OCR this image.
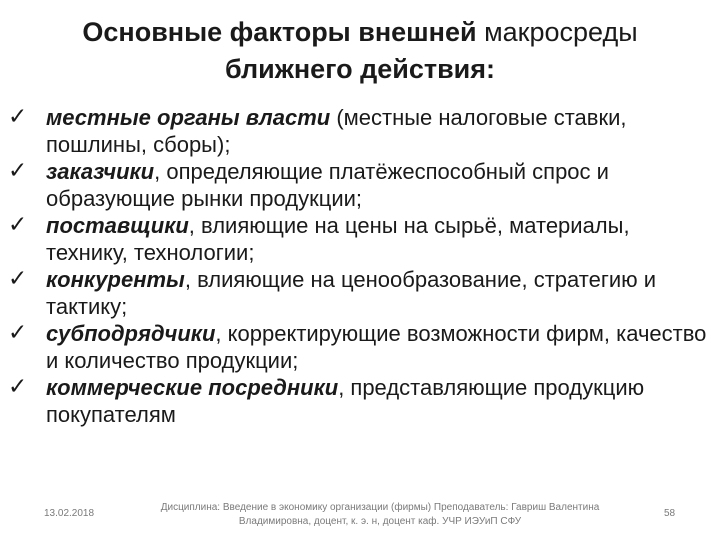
Основные факторы внешней макросреды
ближнего действия:
✓ местные органы власти (местные налоговые ставки, пошлины, сборы);
✓ заказчики, определяющие платёжеспособный спрос и образующие рынки продукции;
✓ поставщики, влияющие на цены на сырьё, материалы, технику, технологии;
✓ конкуренты, влияющие на ценообразование, стратегию и тактику;
✓ субподрядчики, корректирующие возможности фирм, качество и количество продукции;
✓ коммерческие посредники, представляющие продукцию покупателям
13.02.2018
Дисциплина: Введение в экономику организации (фирмы) Преподаватель: Гавриш Валентина Владимировна, доцент, к. э. н, доцент каф. УЧР ИЭУиП СФУ
58
